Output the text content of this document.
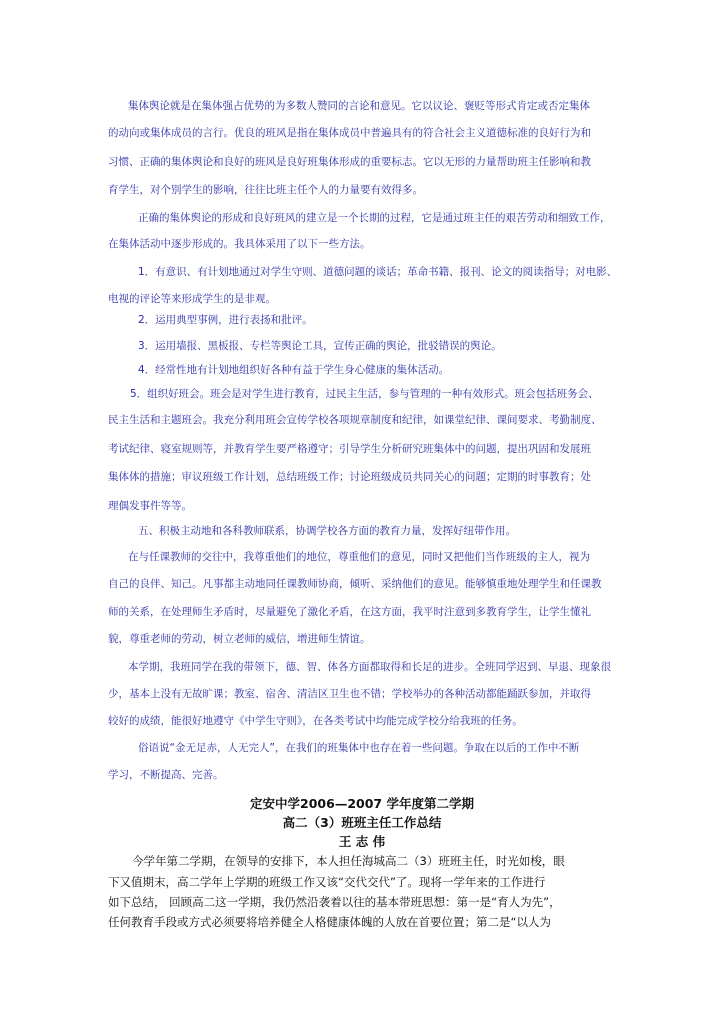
集体舆论就是在集体强占优势的为多数人赞同的言论和意见。它以议论、褒贬等形式肯定或否定集体
的动向或集体成员的言行。优良的班风是指在集体成员中普遍具有的符合社会主义道德标准的良好行为和
习惯、正确的集体舆论和良好的班风是良好班集体形成的重要标志。它以无形的力量帮助班主任影响和教
育学生，对个别学生的影响，往往比班主任个人的力量要有效得多。
正确的集体舆论的形成和良好班风的建立是一个长期的过程，它是通过班主任的艰苦劳动和细致工作，
在集体活动中逐步形成的。我具体采用了以下一些方法。
1．有意识、有计划地通过对学生守则、道德问题的谈话；革命书籍、报刊、论文的阅读指导；对电影、
电视的评论等来形成学生的是非观。
2．运用典型事例，进行表扬和批评。
3．运用墙报、黑板报、专栏等舆论工具，宣传正确的舆论，批驳错误的舆论。
4．经常性地有计划地组织好各种有益于学生身心健康的集体活动。
5．组织好班会。班会是对学生进行教育，过民主生活，参与管理的一种有效形式。班会包括班务会、
民主生活和主题班会。我充分利用班会宣传学校各项规章制度和纪律，如课堂纪律、课间要求、考勤制度、
考试纪律、寝室规则等，并教育学生要严格遵守；引导学生分析研究班集体中的问题，提出巩固和发展班
集体体的措施；审议班级工作计划，总结班级工作；讨论班级成员共同关心的问题；定期的时事教育；处
理偶发事件等等。
五、积极主动地和各科教师联系，协调学校各方面的教育力量，发挥好纽带作用。
在与任课教师的交往中，我尊重他们的地位，尊重他们的意见，同时又把他们当作班级的主人，视为
自己的良伴、知己。凡事都主动地同任课教师协商，倾听、采纳他们的意见。能够慎重地处理学生和任课教
师的关系，在处理师生矛盾时，尽量避免了激化矛盾，在这方面，我平时注意到多教育学生，让学生懂礼
貌，尊重老师的劳动，树立老师的威信，增进师生情谊。
本学期，我班同学在我的带领下，德、智、体各方面都取得和长足的进步。全班同学迟到、早退、现象很
少，基本上没有无故旷课；教室、宿舍、清洁区卫生也不错；学校举办的各种活动都能踊跃参加，并取得
较好的成绩，能很好地遵守《中学生守则》，在各类考试中均能完成学校分给我班的任务。
俗语说“金无足赤，人无完人”，在我们的班集体中也存在着一些问题。争取在以后的工作中不断
学习，不断提高、完善。
定安中学2006—2007 学年度第二学期
高二（3）班班主任工作总结
王 志 伟
今学年第二学期，在领导的安排下，本人担任海城高二（3）班班主任，时光如梭，眼
下又值期末，高二学年上学期的班级工作又该“交代交代”了。现将一学年来的工作进行
如下总结， 回顾高二这一学期，我仍然沿袭着以往的基本带班思想：第一是“育人为先”，
任何教育手段或方式必须要将培养健全人格健康体魄的人放在首要位置；第二是“以人为
